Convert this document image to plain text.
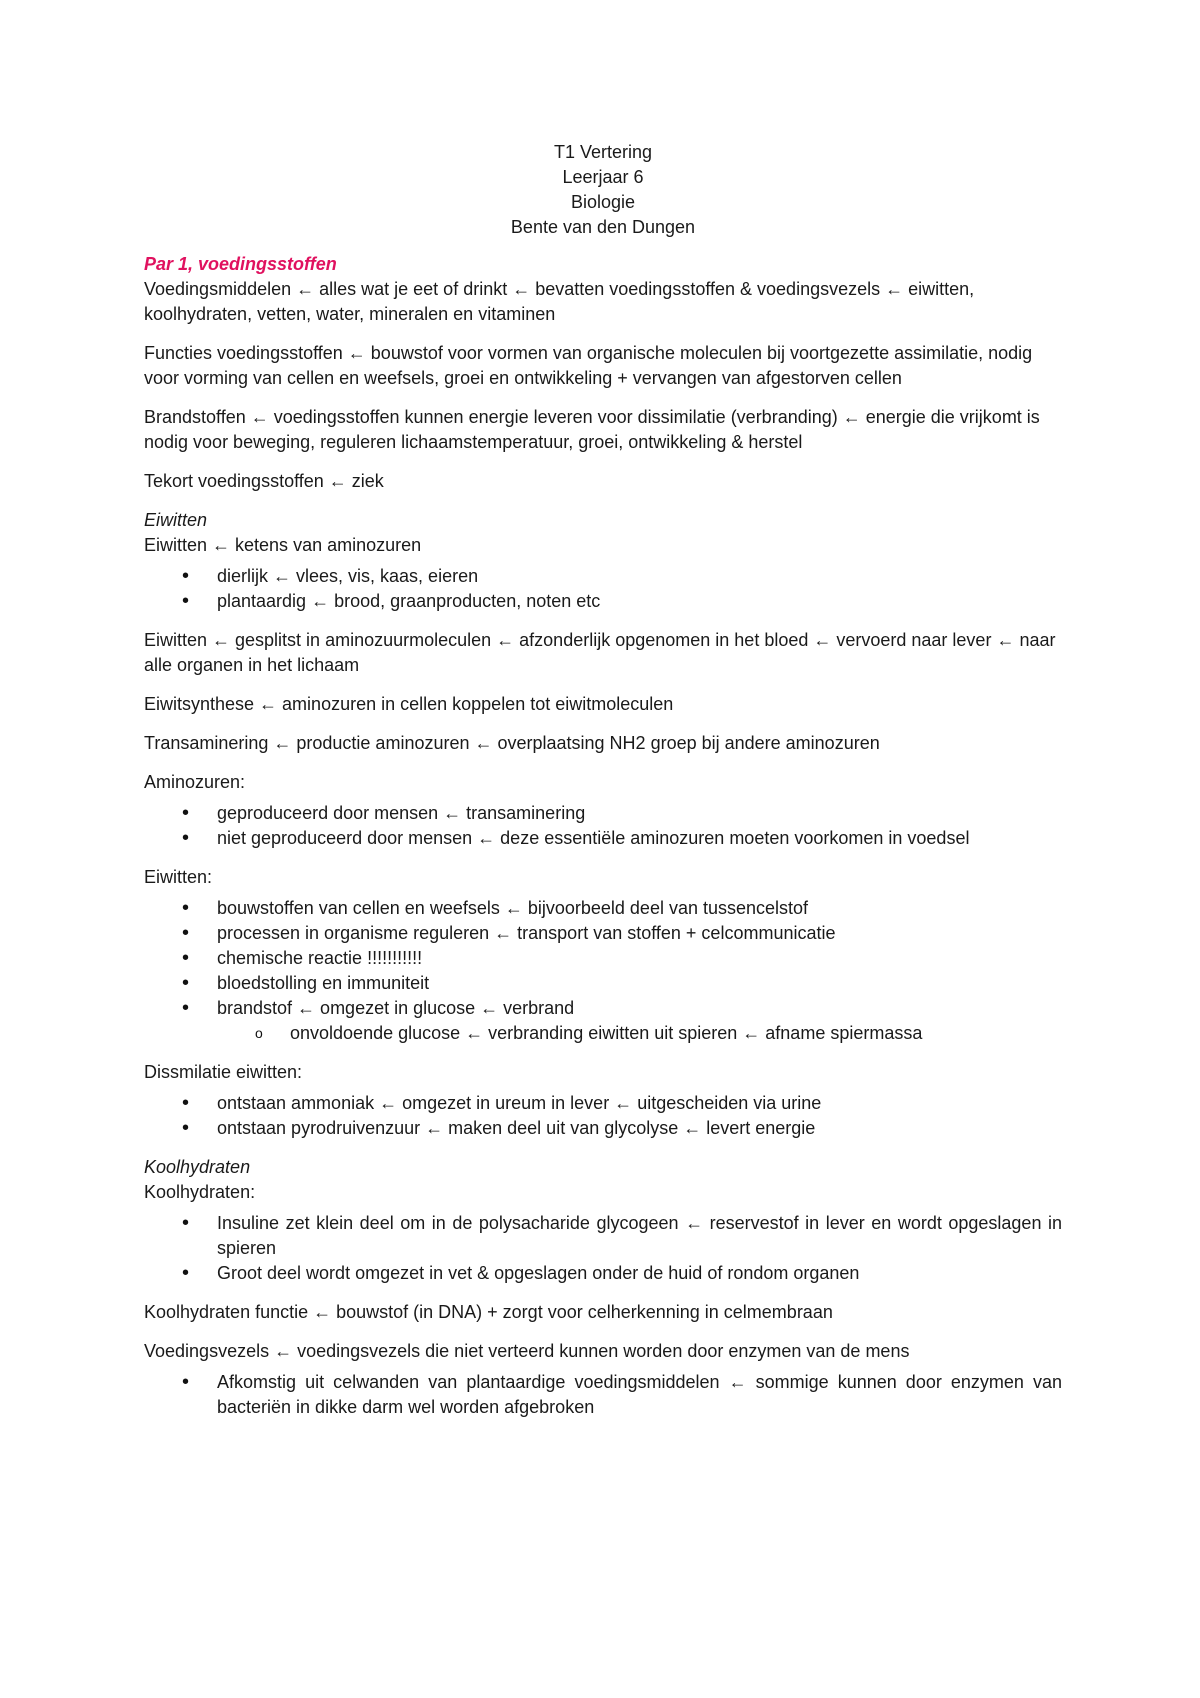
T1 Vertering
Leerjaar 6
Biologie
Bente van den Dungen
Par 1, voedingsstoffen

Voedingsmiddelen ← alles wat je eet of drinkt ← bevatten voedingsstoffen & voedingsvezels ← eiwitten, koolhydraten, vetten, water, mineralen en vitaminen

Functies voedingsstoffen ← bouwstof voor vormen van organische moleculen bij voortgezette assimilatie, nodig voor vorming van cellen en weefsels, groei en ontwikkeling + vervangen van afgestorven cellen

Brandstoffen ← voedingsstoffen kunnen energie leveren voor dissimilatie (verbranding) ← energie die vrijkomt is nodig voor beweging, reguleren lichaamstemperatuur, groei, ontwikkeling & herstel

Tekort voedingsstoffen ← ziek

Eiwitten
Eiwitten ← ketens van aminozuren
• dierlijk ← vlees, vis, kaas, eieren
• plantaardig ← brood, graanproducten, noten etc

Eiwitten ← gesplitst in aminozuurmoleculen ← afzonderlijk opgenomen in het bloed ← vervoerd naar lever ← naar alle organen in het lichaam

Eiwitsynthese ← aminozuren in cellen koppelen tot eiwitmoleculen

Transaminering ← productie aminozuren ← overplaatsing NH2 groep bij andere aminozuren

Aminozuren:
• geproduceerd door mensen ← transaminering
• niet geproduceerd door mensen ← deze essentiële aminozuren moeten voorkomen in voedsel
Eiwitten:
• bouwstoffen van cellen en weefsels ← bijvoorbeeld deel van tussencelstof
• processen in organisme reguleren ← transport van stoffen + celcommunicatie
• chemische reactie !!!!!!!!!!!
• bloedstolling en immuniteit
• brandstof ← omgezet in glucose ← verbrand
o onvoldoende glucose ← verbranding eiwitten uit spieren ← afname spiermassa
Dissmilatie eiwitten:
• ontstaan ammoniak ← omgezet in ureum in lever ← uitgescheiden via urine
• ontstaan pyrodruivenzuur ← maken deel uit van glycolyse ← levert energie
Koolhydraten
Koolhydraten:
• Insuline zet klein deel om in de polysacharide glycogeen ← reservestof in lever en wordt opgeslagen in spieren
• Groot deel wordt omgezet in vet & opgeslagen onder de huid of rondom organen

Koolhydraten functie ← bouwstof (in DNA) + zorgt voor celherkenning in celmembraan

Voedingsvezels ← voedingsvezels die niet verteerd kunnen worden door enzymen van de mens
• Afkomstig uit celwanden van plantaardige voedingsmiddelen ← sommige kunnen door enzymen van bacteriën in dikke darm wel worden afgebroken
